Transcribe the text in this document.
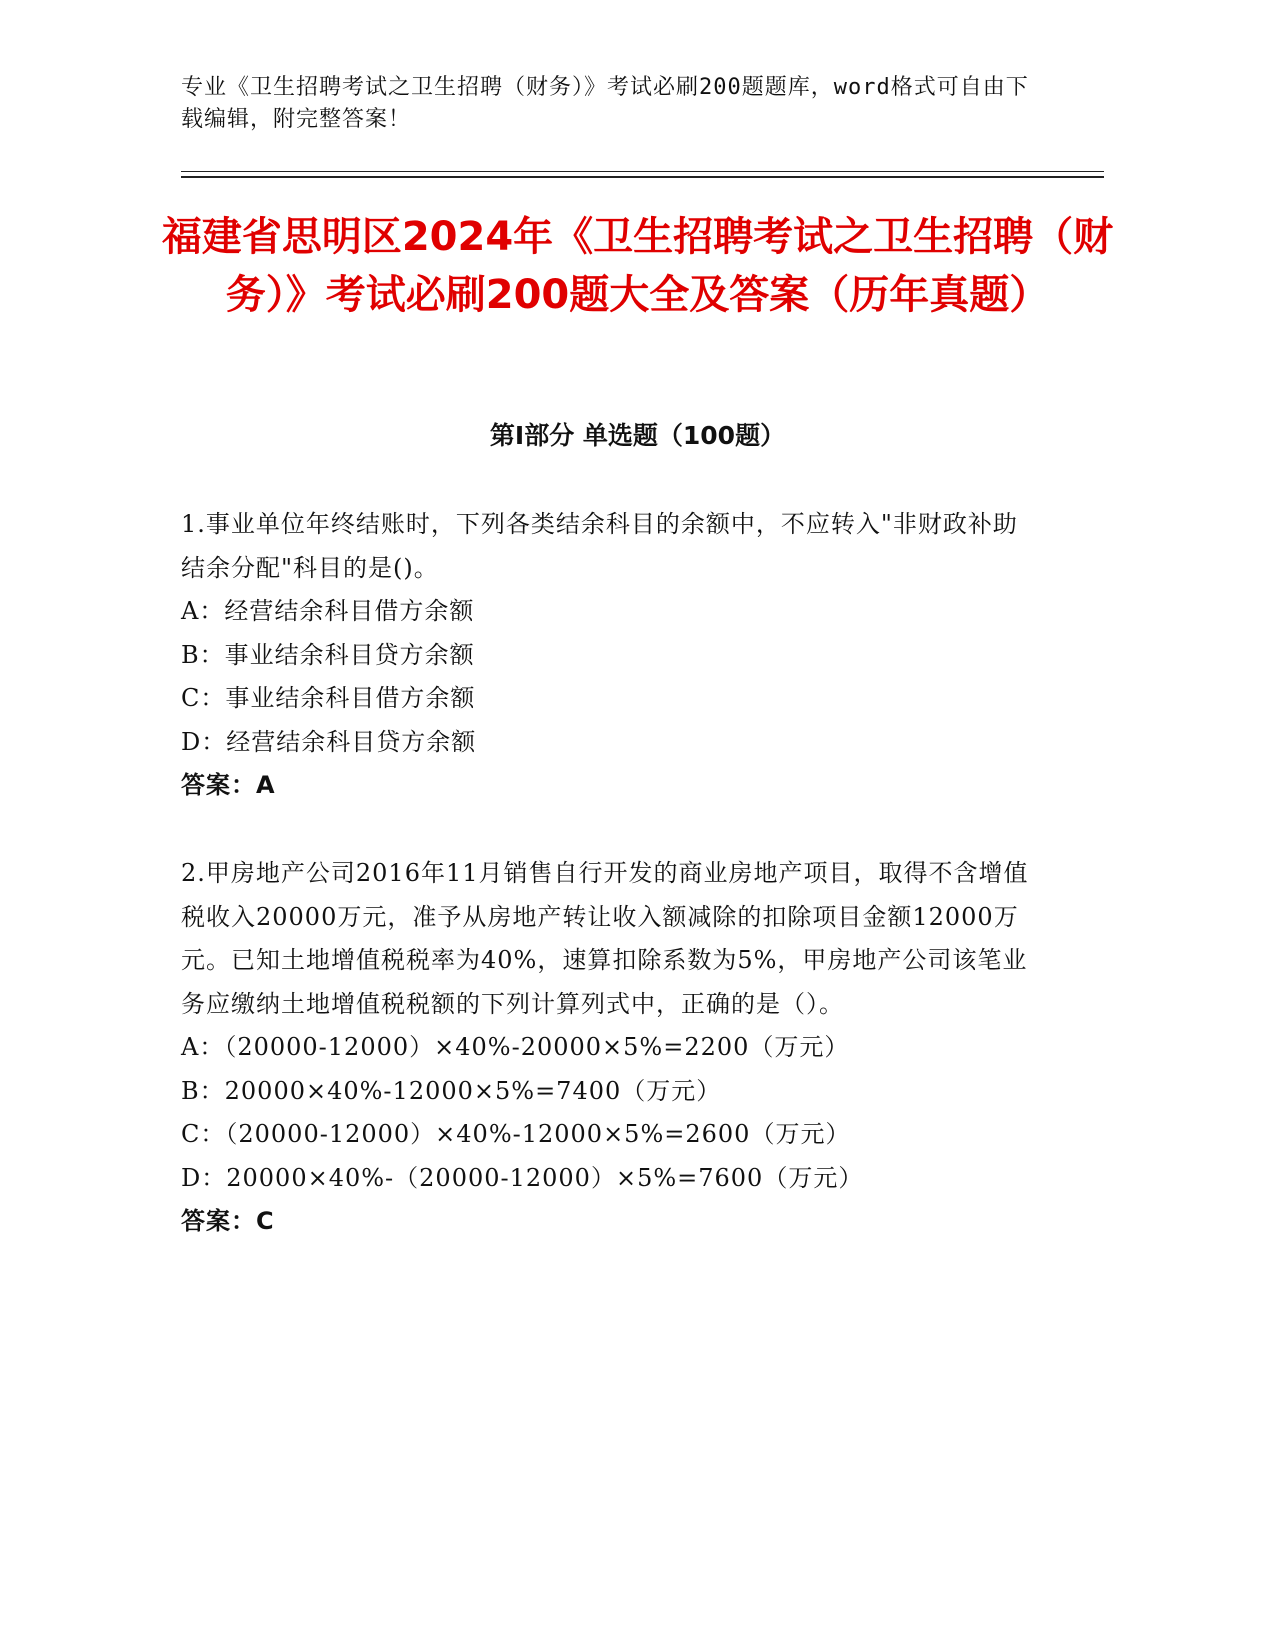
专业《卫生招聘考试之卫生招聘（财务）》考试必刷200题题库，word格式可自由下载编辑，附完整答案！
福建省思明区2024年《卫生招聘考试之卫生招聘（财务）》考试必刷200题大全及答案（历年真题）
第Ⅰ部分 单选题（100题）
1.事业单位年终结账时，下列各类结余科目的余额中，不应转入"非财政补助结余分配"科目的是()。
A：经营结余科目借方余额
B：事业结余科目贷方余额
C：事业结余科目借方余额
D：经营结余科目贷方余额
答案：A
2.甲房地产公司2016年11月销售自行开发的商业房地产项目，取得不含增值税收入20000万元，准予从房地产转让收入额减除的扣除项目金额12000万元。已知土地增值税税率为40%，速算扣除系数为5%，甲房地产公司该笔业务应缴纳土地增值税税额的下列计算列式中，正确的是（）。
A：（20000-12000）×40%-20000×5%=2200（万元）
B：20000×40%-12000×5%=7400（万元）
C：（20000-12000）×40%-12000×5%=2600（万元）
D：20000×40%-（20000-12000）×5%=7600（万元）
答案：C
